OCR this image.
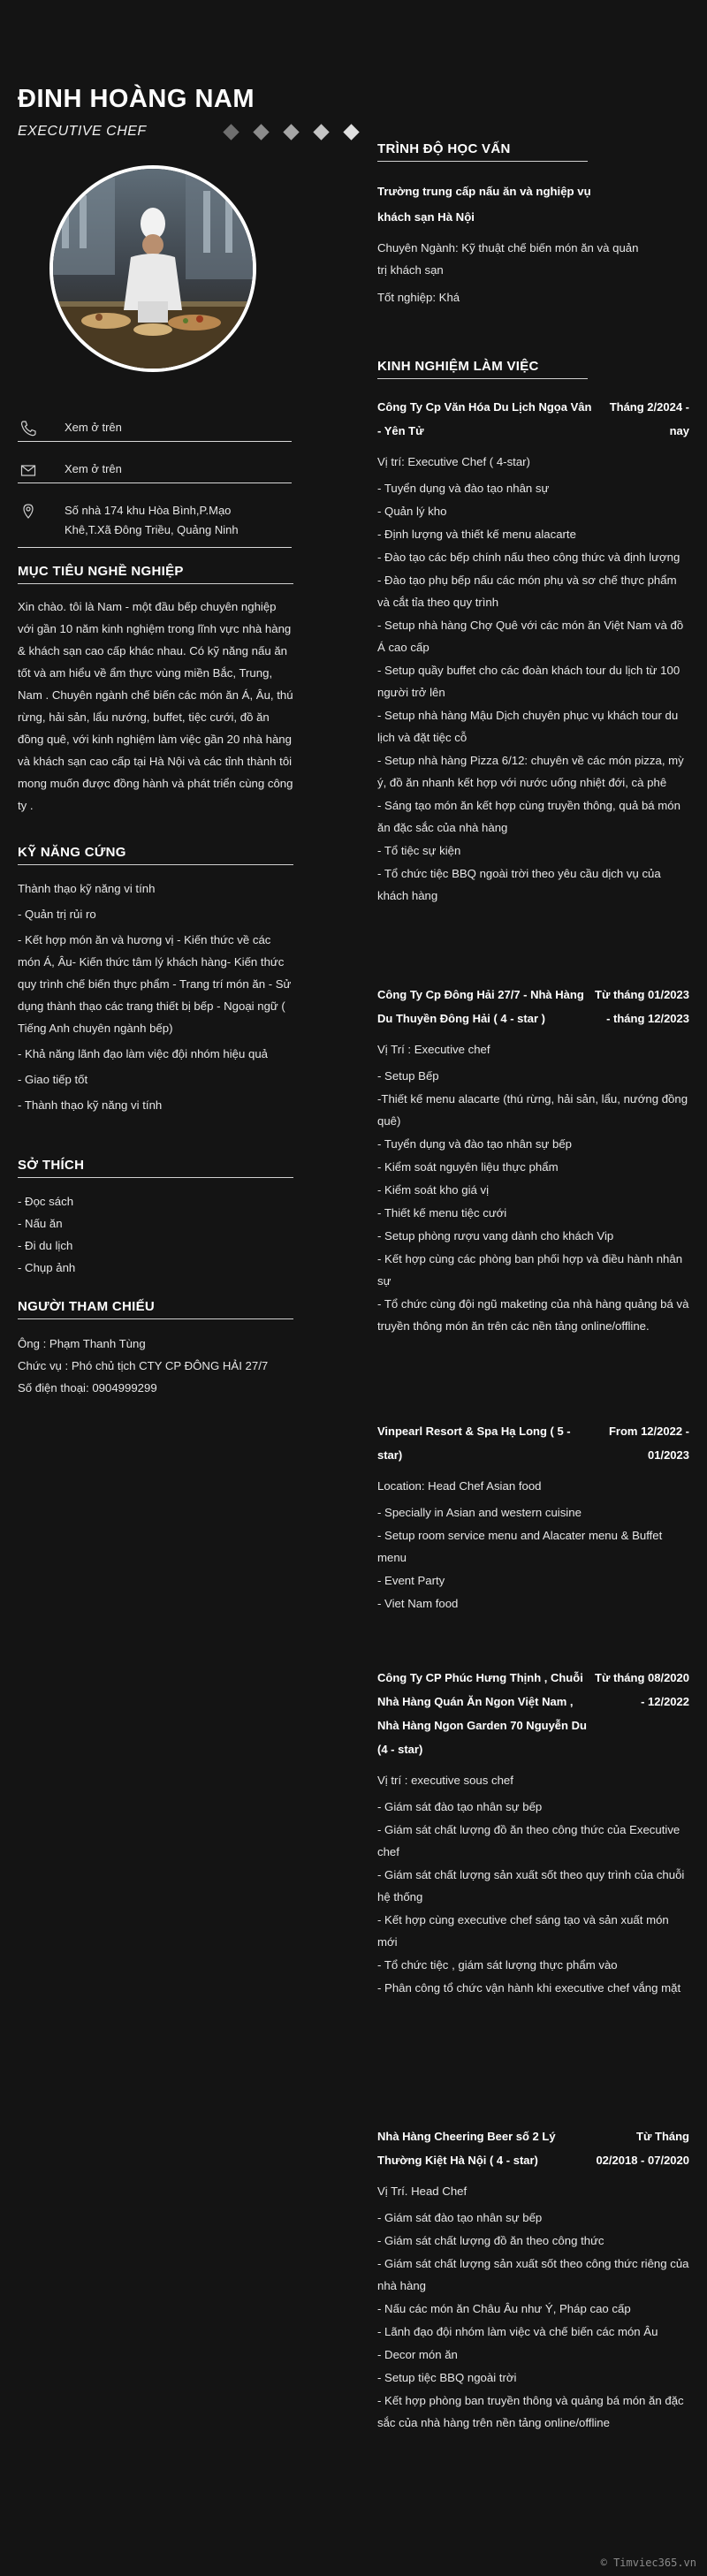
ĐINH HOÀNG NAM
EXECUTIVE CHEF
Xem ở trên
Xem ở trên
Số nhà 174 khu Hòa Bình,P.Mạo Khê,T.Xã Đông Triều, Quảng Ninh
MỤC TIÊU NGHỀ NGHIỆP

Xin chào. tôi là Nam - một đầu bếp chuyên nghiệp với gần 10 năm kinh nghiệm trong lĩnh vực nhà hàng & khách sạn cao cấp khác nhau. Có kỹ năng nấu ăn tốt và am hiểu về ẩm thực vùng miền Bắc, Trung, Nam . Chuyên ngành chế biến các món ăn Á, Âu, thú rừng, hải sản, lẩu nướng, buffet, tiệc cưới, đồ ăn đồng quê, với kinh nghiệm làm việc gần 20 nhà hàng và khách sạn cao cấp tại Hà Nội và các tỉnh thành tôi mong muốn được đồng hành và phát triển cùng công ty .

KỸ NĂNG CỨNG

Thành thạo kỹ năng vi tính

- Quản trị rủi ro

- Kết hợp món ăn và hương vị - Kiến thức về các món Á, Âu- Kiến thức tâm lý khách hàng- Kiến thức quy trình chế biến thực phẩm - Trang trí món ăn - Sử dụng thành thạo các trang thiết bị bếp - Ngoại ngữ ( Tiếng Anh chuyên ngành bếp)

- Khả năng lãnh đạo làm việc đội nhóm hiệu quả

- Giao tiếp tốt

- Thành thạo kỹ năng vi tính

SỞ THÍCH

- Đọc sách

- Nấu ăn

- Đi du lịch

- Chụp ảnh

NGƯỜI THAM CHIẾU

Ông : Phạm Thanh Tùng

Chức vụ : Phó chủ tịch CTY CP ĐÔNG HẢI 27/7

Số điện thoại: 0904999299

TRÌNH ĐỘ HỌC VẤN

Trường trung cấp nấu ăn và nghiệp vụ khách sạn Hà Nội

Chuyên Ngành: Kỹ thuật chế biến món ăn và quản trị khách sạn

Tốt nghiệp: Khá

KINH NGHIỆM LÀM VIỆC
Công Ty Cp Văn Hóa Du Lịch Ngọa Vân - Yên Tử
Tháng 2/2024 - nay
Vị trí: Executive Chef ( 4-star)
- Tuyển dụng và đào tạo nhân sự
- Quản lý kho
- Định lượng và thiết kế menu alacarte
- Đào tạo các bếp chính nấu theo công thức và định lượng
- Đào tạo phụ bếp nấu các món phụ và sơ chế thực phẩm và cắt tỉa theo quy trình
- Setup nhà hàng Chợ Quê với các món ăn Việt Nam và đồ Á cao cấp
- Setup quầy buffet cho các đoàn khách tour du lịch từ 100 người trở lên
- Setup nhà hàng Mậu Dịch chuyên phục vụ khách tour du lịch và đặt tiệc cỗ
- Setup nhà hàng Pizza 6/12: chuyên về các món pizza, mỳ ý, đồ ăn nhanh kết hợp với nước uống nhiệt đới, cà phê
- Sáng tạo món ăn kết hợp cùng truyền thông, quả bá món ăn đặc sắc của nhà hàng
- Tổ tiệc sự kiện
- Tổ chức tiệc BBQ ngoài trời theo yêu cầu dịch vụ của khách hàng
Công Ty Cp Đông Hải 27/7 - Nhà Hàng Du Thuyền Đông Hải ( 4 - star )
Từ tháng 01/2023 - tháng 12/2023
Vị Trí : Executive chef
- Setup Bếp
-Thiết kế menu alacarte (thú rừng, hải sản, lẩu, nướng đồng quê)
- Tuyển dụng và đào tạo nhân sự bếp
- Kiểm soát nguyên liệu thực phẩm
- Kiểm soát kho giá vị
- Thiết kế menu tiệc cưới
- Setup phòng rượu vang dành cho khách Vip
- Kết hợp cùng các phòng ban phối hợp và điều hành nhân sự
- Tổ chức cùng đội ngũ maketing của nhà hàng quảng bá và truyền thông món ăn trên các nền tảng online/offline.
Vinpearl Resort & Spa Hạ Long ( 5 - star)
From 12/2022 - 01/2023
Location: Head Chef Asian food
- Specially in Asian and western cuisine
- Setup room service menu and Alacater menu & Buffet menu
- Event Party
- Viet Nam food
Công Ty CP Phúc Hưng Thịnh , Chuỗi Nhà Hàng Quán Ăn Ngon Việt Nam , Nhà Hàng Ngon Garden 70 Nguyễn Du (4 - star)
Từ tháng 08/2020 - 12/2022
Vị trí : executive sous chef
- Giám sát đào tạo nhân sự bếp
- Giám sát chất lượng đồ ăn theo công thức của Executive chef
- Giám sát chất lượng sản xuất sốt theo quy trình của chuỗi hệ thống
- Kết hợp cùng executive chef sáng tạo và sản xuất món mới
- Tổ chức tiệc , giám sát lượng thực phẩm vào
- Phân công tổ chức vận hành khi executive chef vắng mặt
Nhà Hàng Cheering Beer số 2 Lý Thường Kiệt Hà Nội ( 4 - star)
Từ Tháng 02/2018 - 07/2020
Vị Trí. Head Chef
- Giám sát đào tạo nhân sự bếp
- Giám sát chất lượng đồ ăn theo công thức
- Giám sát chất lượng sản xuất sốt theo công thức riêng của nhà hàng
- Nấu các món ăn Châu Âu như Ý, Pháp cao cấp
- Lãnh đạo đội nhóm làm việc và chế biến các món Âu
- Decor món ăn
- Setup tiệc BBQ ngoài trời
- Kết hợp phòng ban truyền thông và quảng bá món ăn đặc sắc của nhà hàng trên nền tảng online/offline
© Timviec365.vn
